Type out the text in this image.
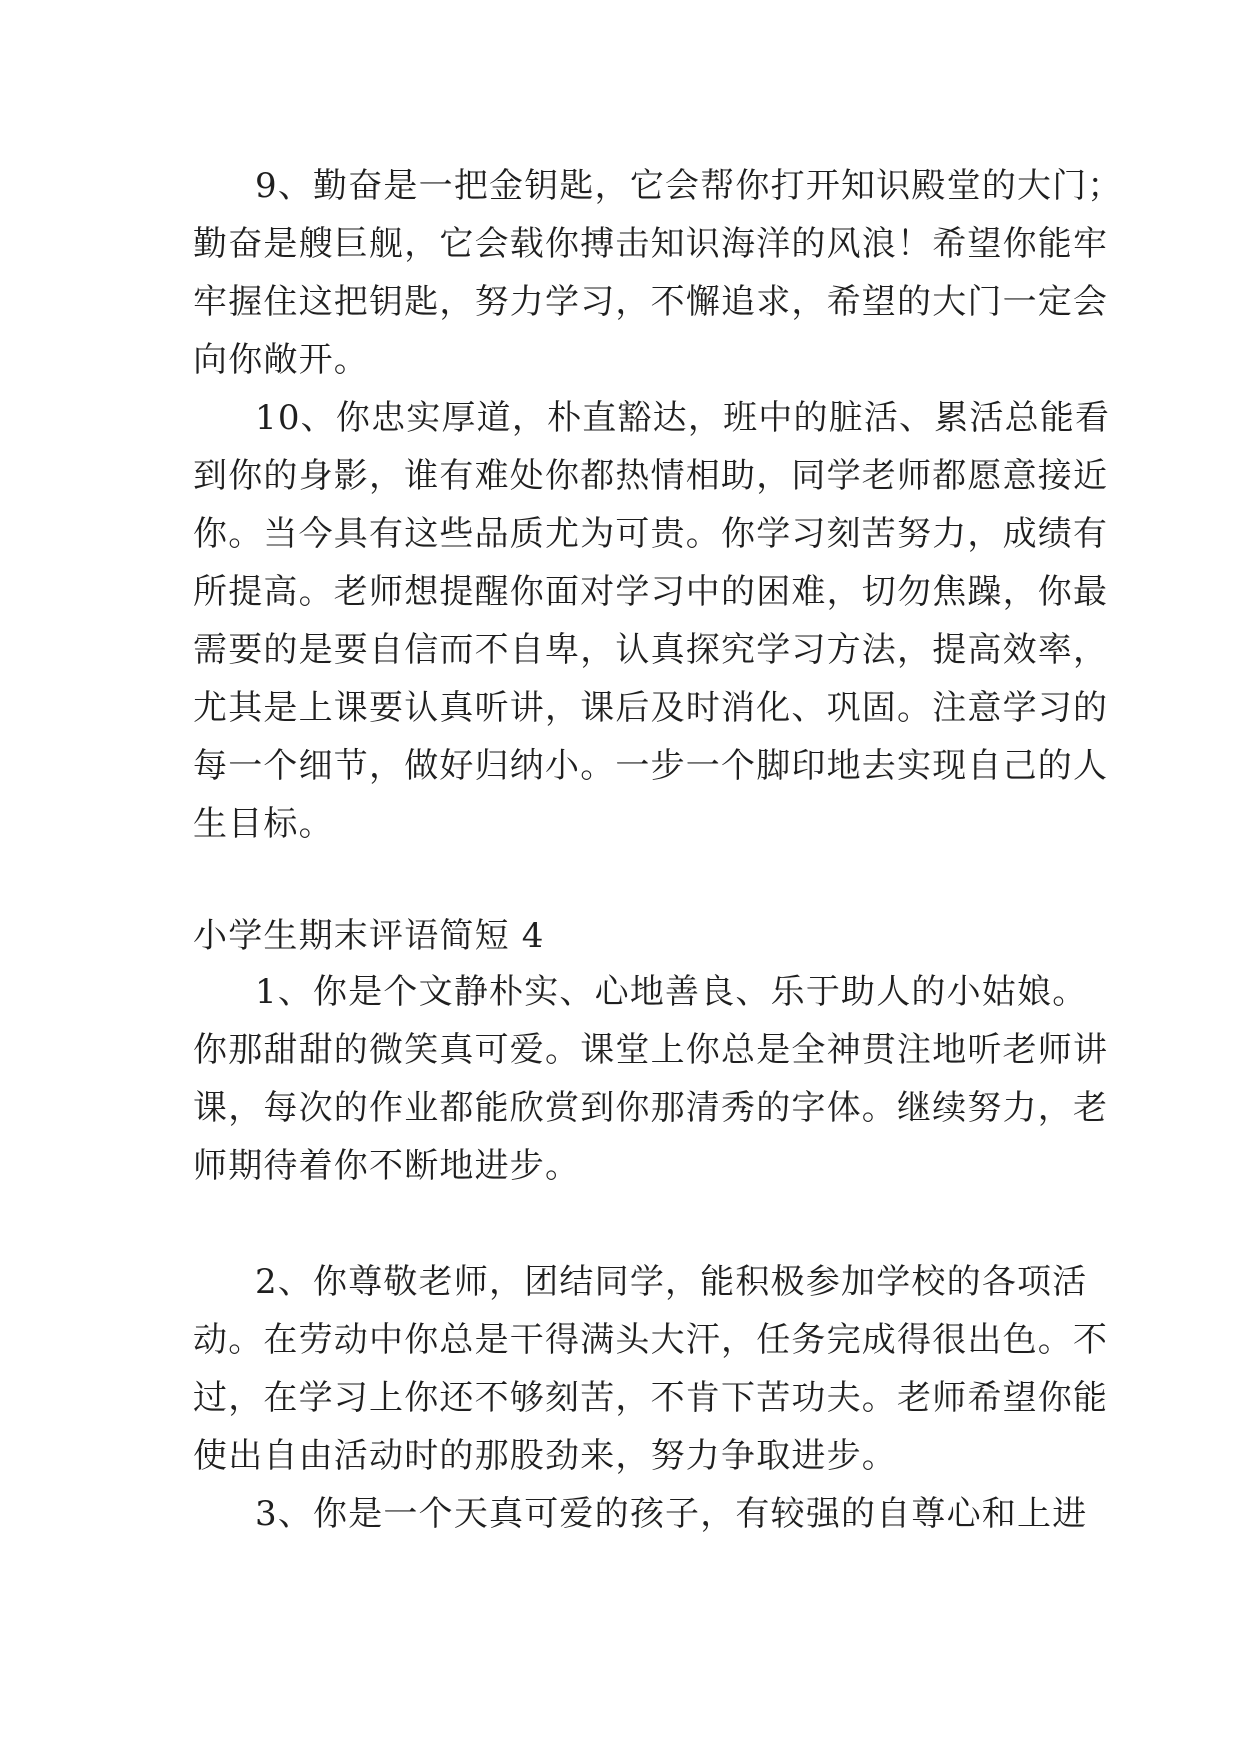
9、勤奋是一把金钥匙，它会帮你打开知识殿堂的大门；

勤奋是艘巨舰，它会载你搏击知识海洋的风浪！希望你能牢

牢握住这把钥匙，努力学习，不懈追求，希望的大门一定会

向你敞开。

10、你忠实厚道，朴直豁达，班中的脏活、累活总能看

到你的身影，谁有难处你都热情相助，同学老师都愿意接近

你。当今具有这些品质尤为可贵。你学习刻苦努力，成绩有

所提高。老师想提醒你面对学习中的困难，切勿焦躁，你最

需要的是要自信而不自卑，认真探究学习方法，提高效率，

尤其是上课要认真听讲，课后及时消化、巩固。注意学习的

每一个细节，做好归纳小。一步一个脚印地去实现自己的人

生目标。

小学生期末评语简短 4

1、你是个文静朴实、心地善良、乐于助人的小姑娘。

你那甜甜的微笑真可爱。课堂上你总是全神贯注地听老师讲

课，每次的作业都能欣赏到你那清秀的字体。继续努力，老

师期待着你不断地进步。

2、你尊敬老师，团结同学，能积极参加学校的各项活

动。在劳动中你总是干得满头大汗，任务完成得很出色。不

过，在学习上你还不够刻苦，不肯下苦功夫。老师希望你能

使出自由活动时的那股劲来，努力争取进步。

3、你是一个天真可爱的孩子，有较强的自尊心和上进
